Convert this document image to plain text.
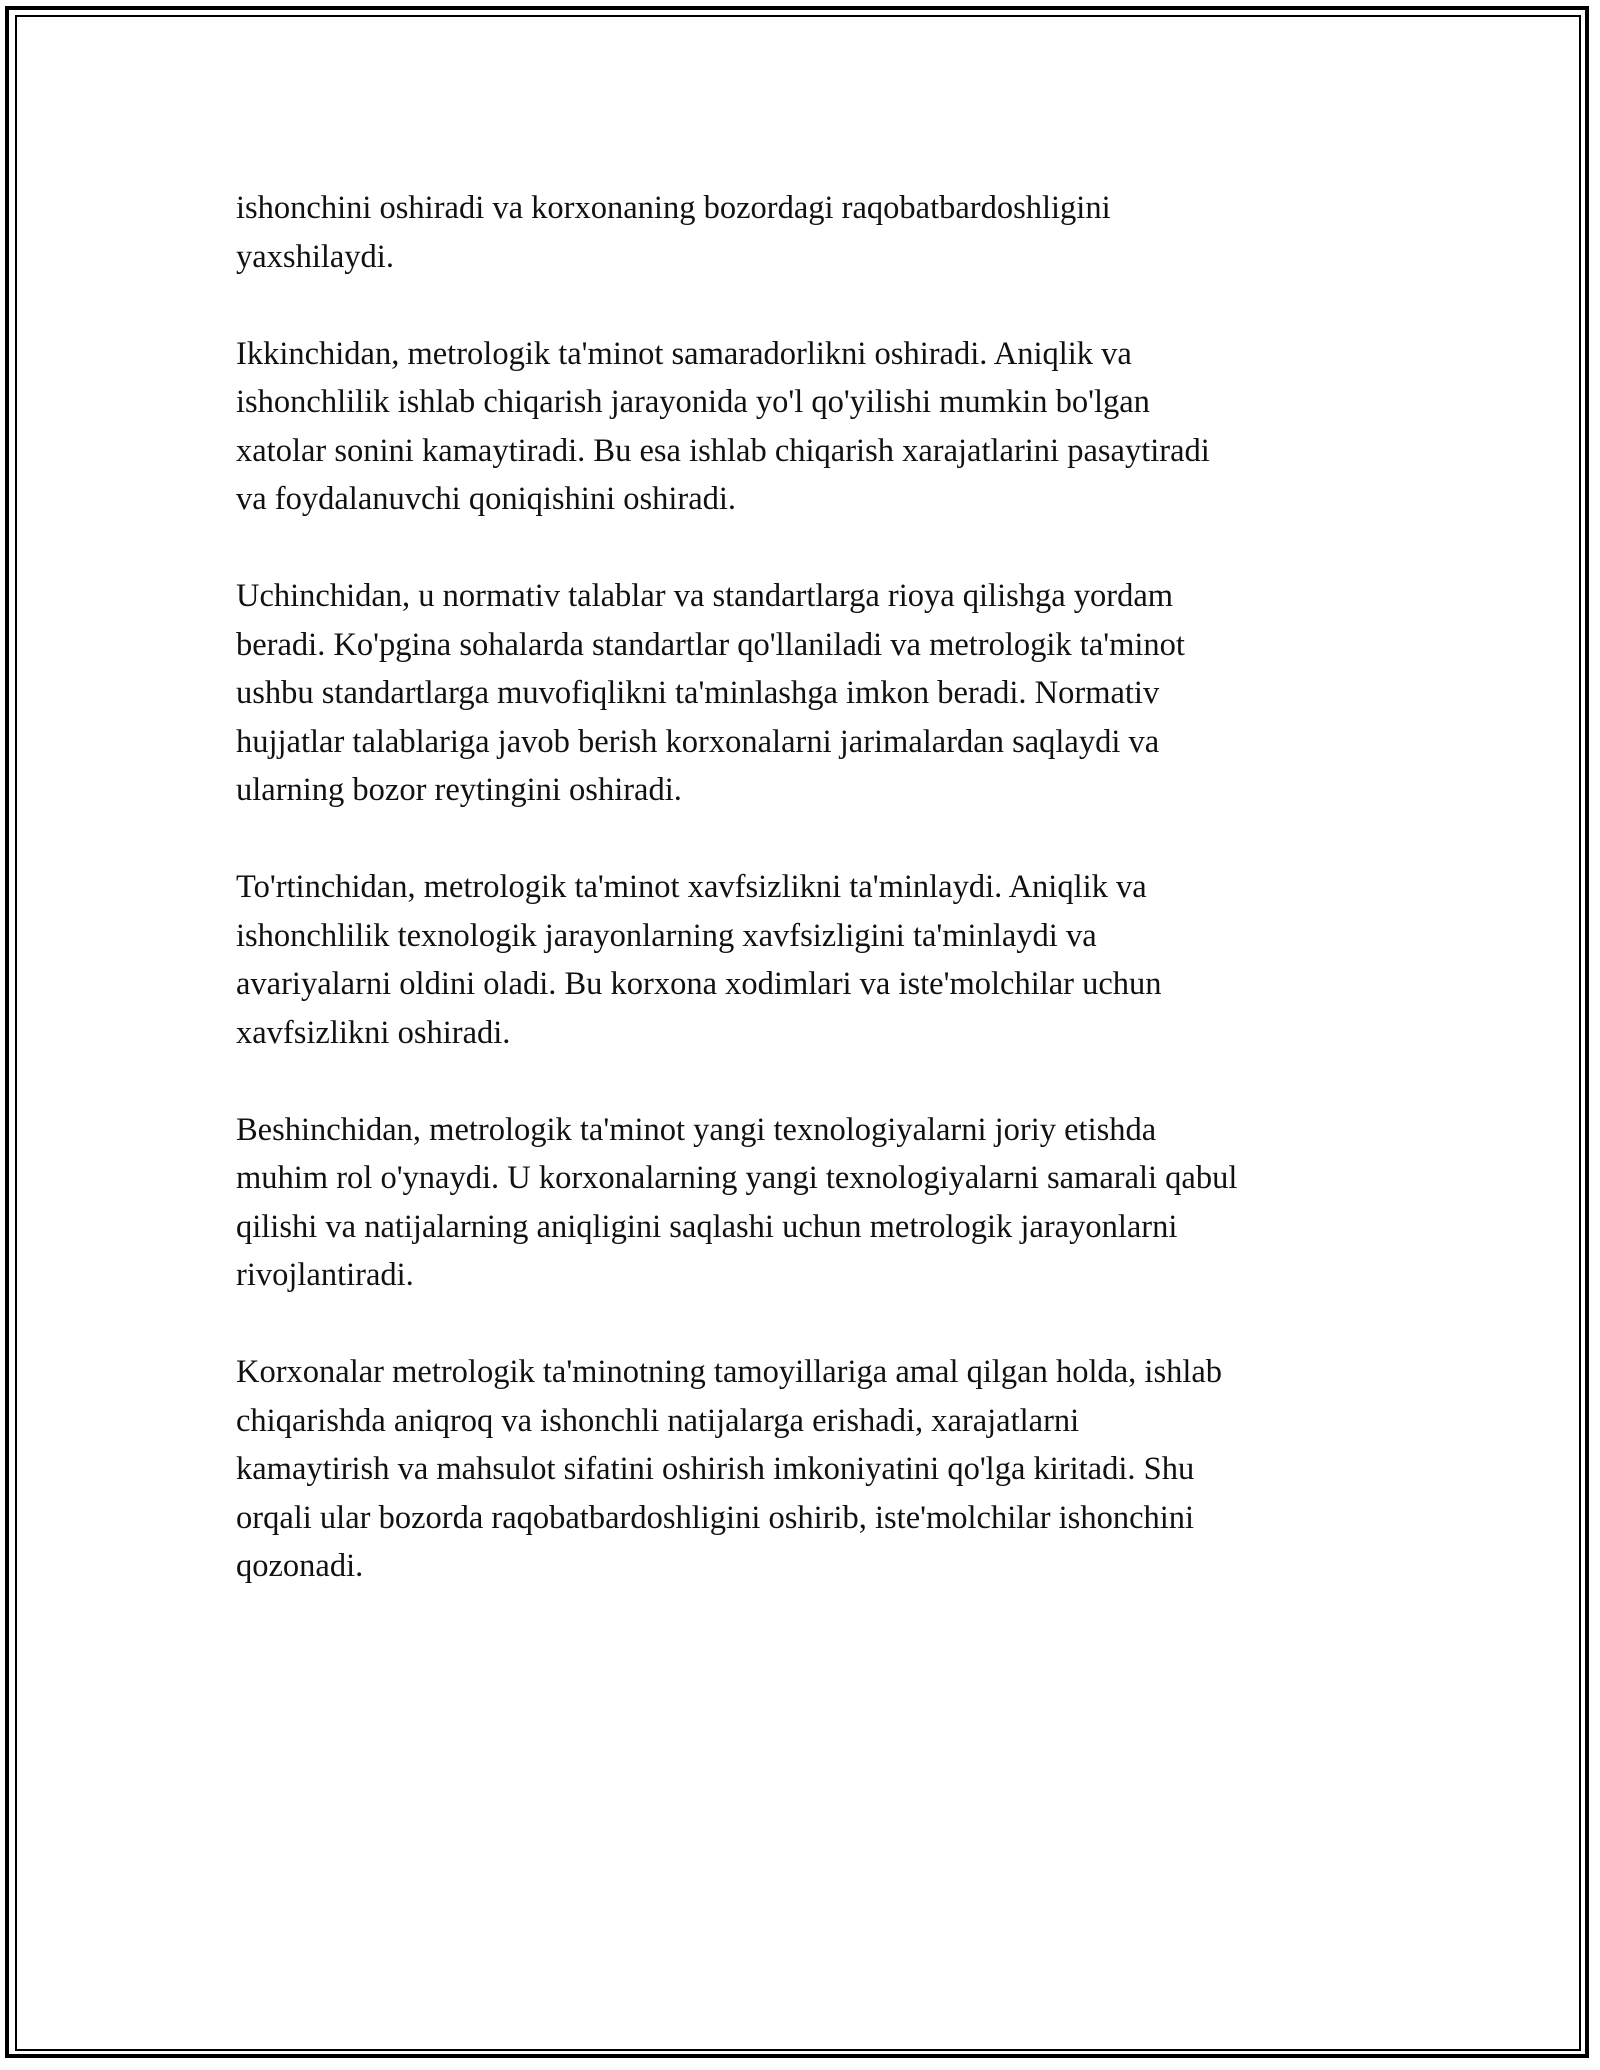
ishonchini oshiradi va korxonaning bozordagi raqobatbardoshligini
yaxshilaydi.

Ikkinchidan, metrologik ta'minot samaradorlikni oshiradi. Aniqlik va
ishonchlilik ishlab chiqarish jarayonida yo'l qo'yilishi mumkin bo'lgan
xatolar sonini kamaytiradi. Bu esa ishlab chiqarish xarajatlarini pasaytiradi
va foydalanuvchi qoniqishini oshiradi.

Uchinchidan, u normativ talablar va standartlarga rioya qilishga yordam
beradi. Ko'pgina sohalarda standartlar qo'llaniladi va metrologik ta'minot
ushbu standartlarga muvofiqlikni ta'minlashga imkon beradi. Normativ
hujjatlar talablariga javob berish korxonalarni jarimalardan saqlaydi va
ularning bozor reytingini oshiradi.

To'rtinchidan, metrologik ta'minot xavfsizlikni ta'minlaydi. Aniqlik va
ishonchlilik texnologik jarayonlarning xavfsizligini ta'minlaydi va
avariyalarni oldini oladi. Bu korxona xodimlari va iste'molchilar uchun
xavfsizlikni oshiradi.

Beshinchidan, metrologik ta'minot yangi texnologiyalarni joriy etishda
muhim rol o'ynaydi. U korxonalarning yangi texnologiyalarni samarali qabul
qilishi va natijalarning aniqligini saqlashi uchun metrologik jarayonlarni
rivojlantiradi.

Korxonalar metrologik ta'minotning tamoyillariga amal qilgan holda, ishlab
chiqarishda aniqroq va ishonchli natijalarga erishadi, xarajatlarni
kamaytirish va mahsulot sifatini oshirish imkoniyatini qo'lga kiritadi. Shu
orqali ular bozorda raqobatbardoshligini oshirib, iste'molchilar ishonchini
qozonadi.
